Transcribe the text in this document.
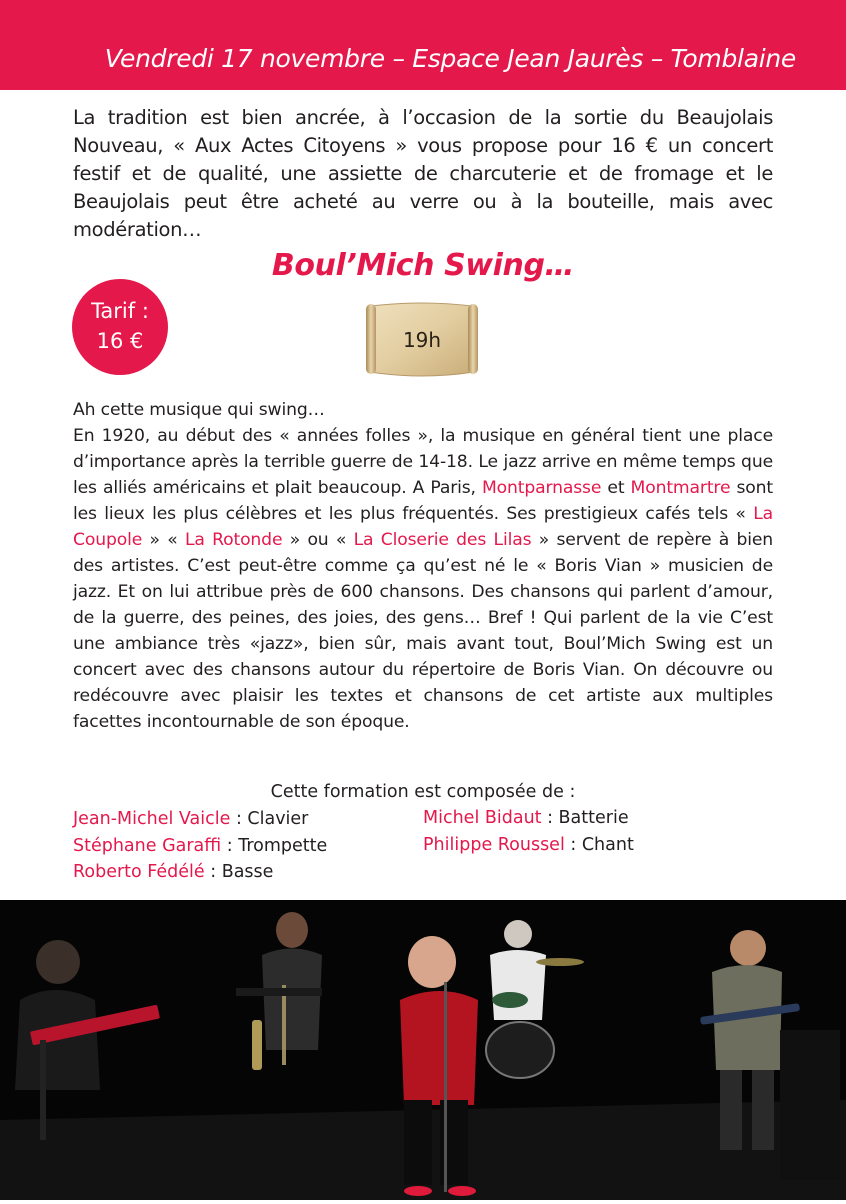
Vendredi 17 novembre – Espace Jean Jaurès – Tomblaine

La tradition est bien ancrée, à l’occasion de la sortie du Beaujolais Nouveau, « Aux Actes Citoyens » vous propose pour 16 € un concert festif et de qualité, une assiette de charcuterie et de fromage et le Beaujolais peut être acheté au verre ou à la bouteille, mais avec modération…

Boul’Mich Swing…
Tarif :
16 €	19h

Ah cette musique qui swing…

En 1920, au début des « années folles », la musique en général tient une place d’importance après la terrible guerre de 14-18. Le jazz arrive en même temps que les alliés américains et plait beaucoup. A Paris, Montparnasse et Montmartre sont les lieux les plus célèbres et les plus fréquentés. Ses prestigieux cafés tels « La Coupole » « La Rotonde » ou « La Closerie des Lilas » servent de repère à bien des artistes. C’est peut-être comme ça qu’est né le « Boris Vian » musicien de jazz. Et on lui attribue près de 600 chansons. Des chansons qui parlent d’amour, de la guerre, des peines, des joies, des gens… Bref ! Qui parlent de la vie C’est une ambiance très «jazz», bien sûr, mais avant tout, Boul’Mich Swing est un concert avec des chansons autour du répertoire de Boris Vian. On découvre ou redécouvre avec plaisir les textes et chansons de cet artiste aux multiples facettes incontournable de son époque.

Cette formation est composée de :
Jean-Michel Vaicle : Clavier
Stéphane Garaffi : Trompette
Roberto Fédélé : Basse
Michel Bidaut : Batterie
Philippe Roussel : Chant
